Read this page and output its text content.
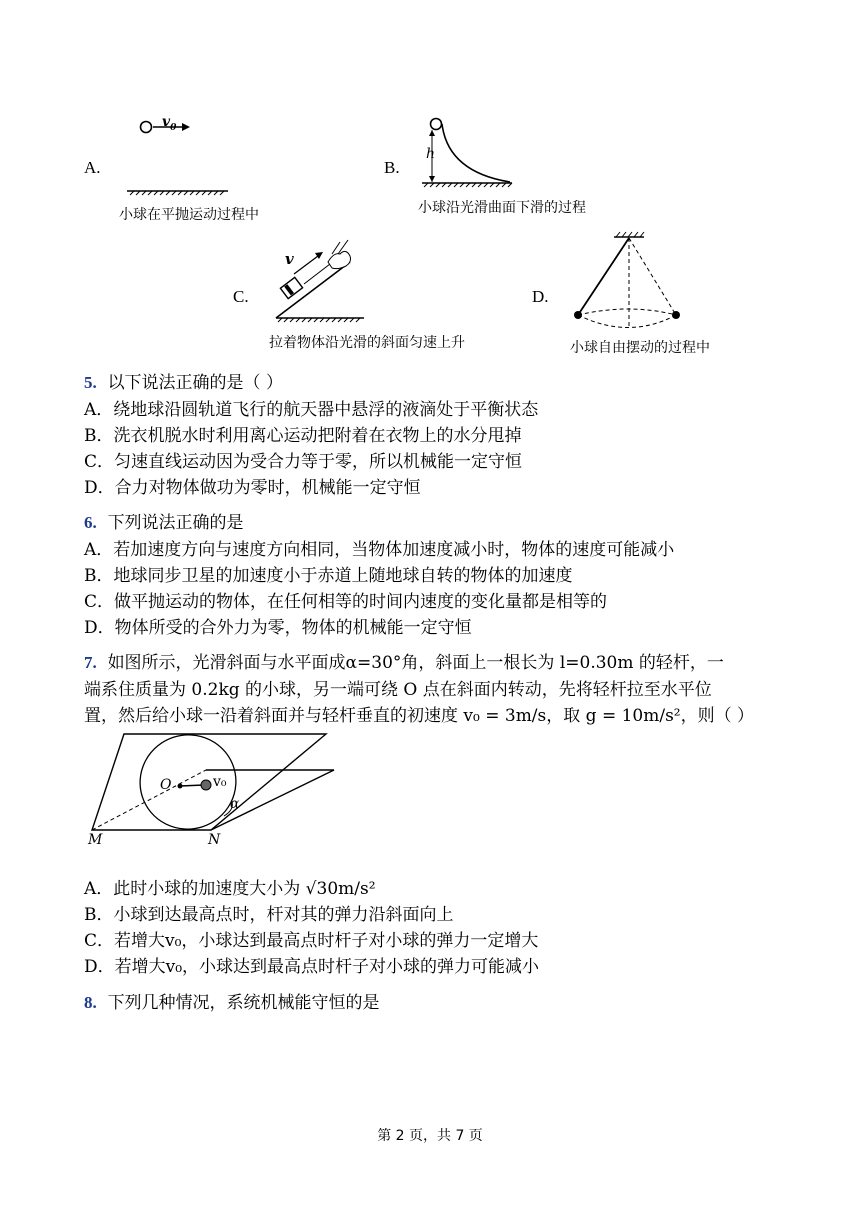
A.
$v_0$
小球在平抛运动过程中
B.
h
小球沿光滑曲面下滑的过程
C.
v
拉着物体沿光滑的斜面匀速上升
D.
小球自由摆动的过程中
5. 以下说法正确的是（ ）
A．绕地球沿圆轨道飞行的航天器中悬浮的液滴处于平衡状态
B．洗衣机脱水时利用离心运动把附着在衣物上的水分甩掉
C．匀速直线运动因为受合力等于零，所以机械能一定守恒
D．合力对物体做功为零时，机械能一定守恒
6. 下列说法正确的是
A．若加速度方向与速度方向相同，当物体加速度减小时，物体的速度可能减小
B．地球同步卫星的加速度小于赤道上随地球自转的物体的加速度
C．做平抛运动的物体，在任何相等的时间内速度的变化量都是相等的
D．物体所受的合外力为零，物体的机械能一定守恒
7. 如图所示，光滑斜面与水平面成α=30°角，斜面上一根长为 l=0.30m 的轻杆，一
端系住质量为 0.2kg 的小球，另一端可绕 O 点在斜面内转动，先将轻杆拉至水平位
置，然后给小球一沿着斜面并与轻杆垂直的初速度 v₀ = 3m/s，取 g = 10m/s²，则（ ）
O	v₀
α
M	N
A．此时小球的加速度大小为 √30m/s²
B．小球到达最高点时，杆对其的弹力沿斜面向上
C．若增大v₀，小球达到最高点时杆子对小球的弹力一定增大
D．若增大v₀，小球达到最高点时杆子对小球的弹力可能减小
8. 下列几种情况，系统机械能守恒的是
第 2 页，共 7 页
